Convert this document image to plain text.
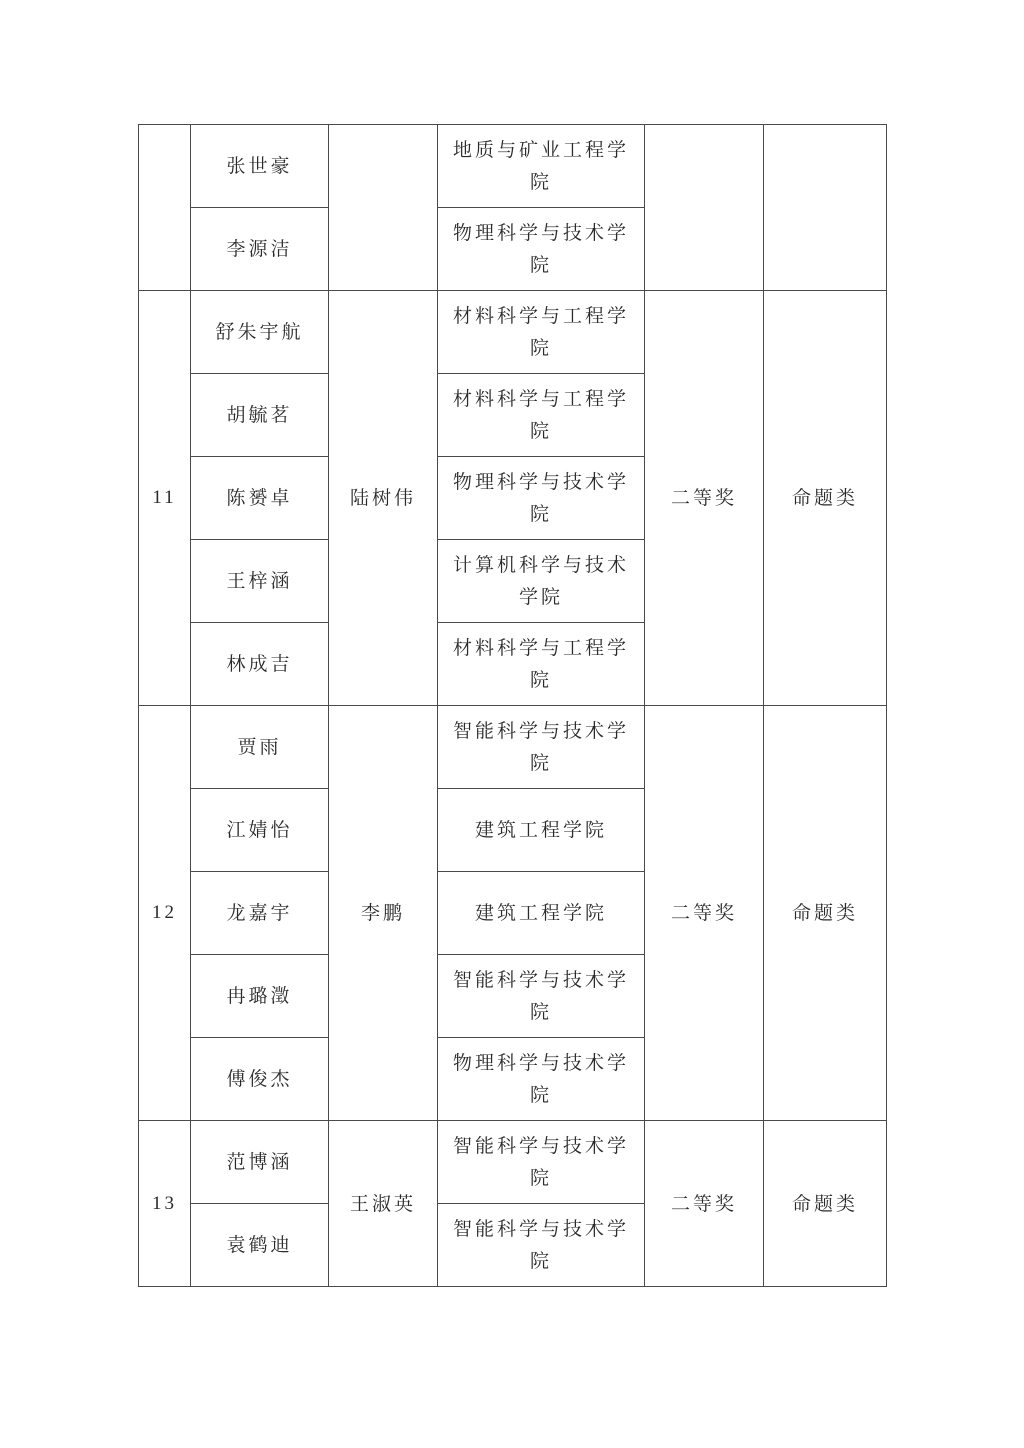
	张世豪		地质与矿业工程学院		
	李源洁		物理科学与技术学院		
11	舒朱宇航	陆树伟	材料科学与工程学院	二等奖	命题类
	胡毓茗		材料科学与工程学院		
	陈赟卓		物理科学与技术学院		
	王梓涵		计算机科学与技术学院		
	林成吉		材料科学与工程学院		
12	贾雨	李鹏	智能科学与技术学院	二等奖	命题类
	江婧怡		建筑工程学院		
	龙嘉宇		建筑工程学院		
	冉璐澂		智能科学与技术学院		
	傅俊杰		物理科学与技术学院		
13	范博涵	王淑英	智能科学与技术学院	二等奖	命题类
	袁鹤迪		智能科学与技术学院		
